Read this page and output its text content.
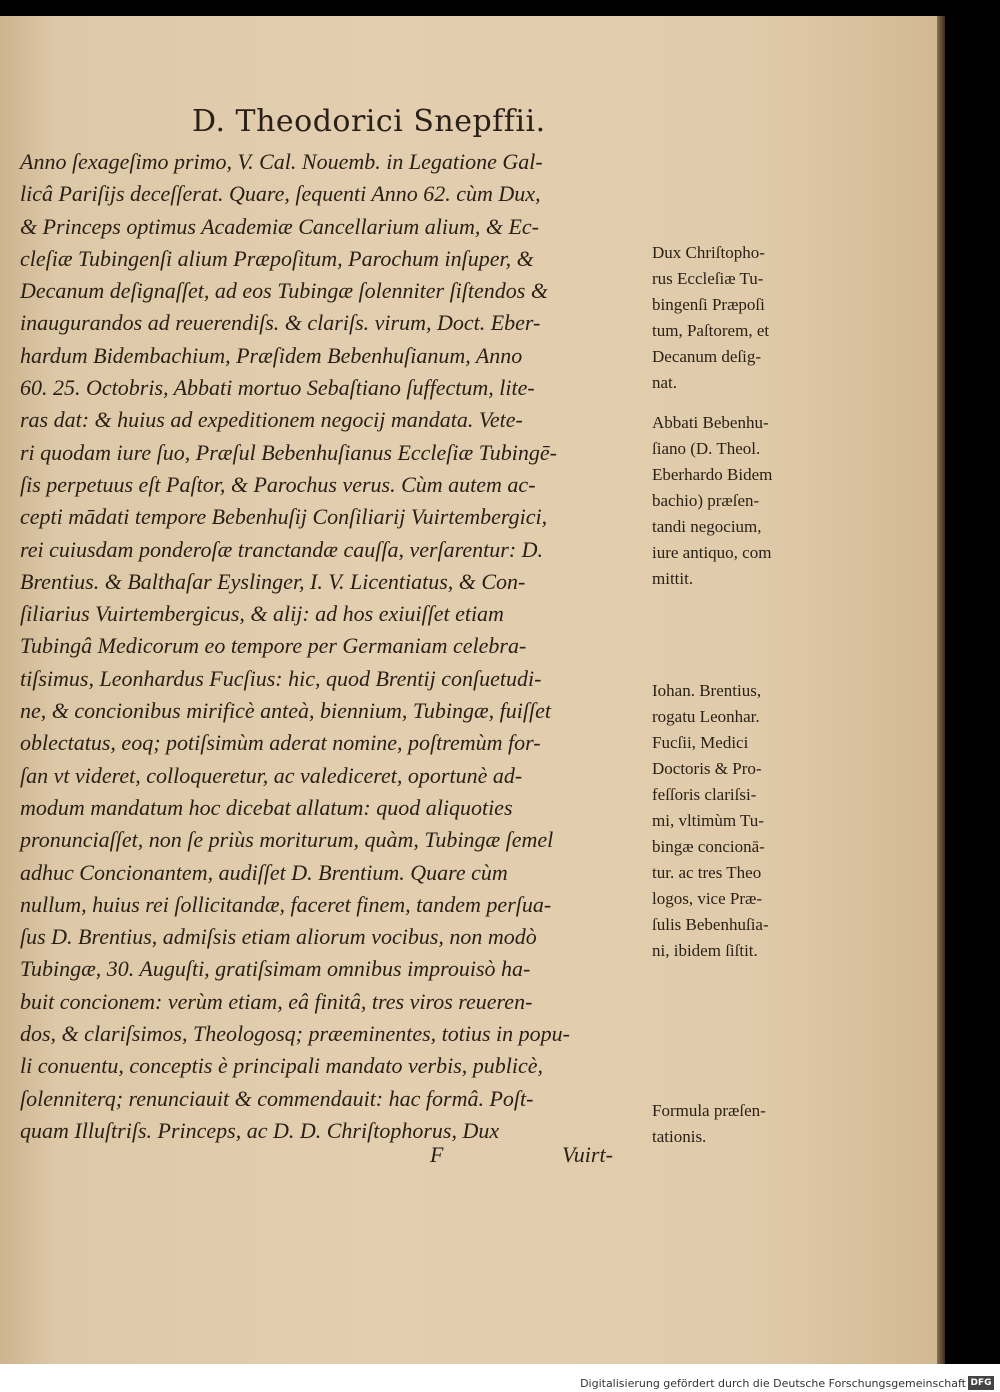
D. Theodorici Snepffii.
Anno ſexageſimo primo, V. Cal. Nouemb. in Legatione Gal-
licâ Pariſijs deceſſerat. Quare, ſequenti Anno 62. cùm Dux,
& Princeps optimus Academiæ Cancellarium alium, & Ec-
cleſiæ Tubingenſi alium Præpoſitum, Parochum inſuper, &
Decanum deſignaſſet, ad eos Tubingæ ſolenniter ſiſtendos &
inaugurandos ad reuerendiſs. & clariſs. virum, Doct. Eber-
hardum Bidembachium, Præſidem Bebenhuſianum, Anno
60. 25. Octobris, Abbati mortuo Sebaſtiano ſuffectum, lite-
ras dat: & huius ad expeditionem negocij mandata. Vete-
ri quodam iure ſuo, Præſul Bebenhuſianus Eccleſiæ Tubingē-
ſis perpetuus eſt Paſtor, & Parochus verus. Cùm autem ac-
cepti mādati tempore Bebenhuſij Conſiliarij Vuirtembergici,
rei cuiusdam ponderoſæ tranctandæ cauſſa, verſarentur: D.
Brentius. & Balthaſar Eyslinger, I. V. Licentiatus, & Con-
ſiliarius Vuirtembergicus, & alij: ad hos exiuiſſet etiam
Tubingâ Medicorum eo tempore per Germaniam celebra-
tiſsimus, Leonhardus Fucſius: hic, quod Brentij conſuetudi-
ne, & concionibus mirificè anteà, biennium, Tubingæ, fuiſſet
oblectatus, eoq; potiſsimùm aderat nomine, poſtremùm for-
ſan vt videret, colloqueretur, ac valediceret, oportunè ad-
modum mandatum hoc dicebat allatum: quod aliquoties
pronunciaſſet, non ſe priùs moriturum, quàm, Tubingæ ſemel
adhuc Concionantem, audiſſet D. Brentium. Quare cùm
nullum, huius rei ſollicitandæ, faceret finem, tandem perſua-
ſus D. Brentius, admiſsis etiam aliorum vocibus, non modò
Tubingæ, 30. Auguſti, gratiſsimam omnibus improuisò ha-
buit concionem: verùm etiam, eâ finitâ, tres viros reueren-
dos, & clariſsimos, Theologosq; præeminentes, totius in popu-
li conuentu, conceptis è principali mandato verbis, publicè,
ſolenniterq; renunciauit & commendauit: hac formâ. Poſt-
quam Illuſtriſs. Princeps, ac D. D. Chriſtophorus, Dux
Dux Chriſtopho-
rus Eccleſiæ Tu-
bingenſi Præpoſi
tum, Paſtorem, et
Decanum deſig-
nat.
Abbati Bebenhu-
ſiano (D. Theol.
Eberhardo Bidem
bachio) præſen-
tandi negocium,
iure antiquo, com
mittit.
Iohan. Brentius,
rogatu Leonhar.
Fucſii, Medici
Doctoris & Pro-
feſſoris clariſsi-
mi, vltimùm Tu-
bingæ concionā-
tur. ac tres Theo
logos, vice Præ-
ſulis Bebenhuſia-
ni, ibidem ſiſtit.
Formula præſen-
tationis.
F	Vuirt-
Digitalisierung gefördert durch die Deutsche Forschungsgemeinschaft DFG
